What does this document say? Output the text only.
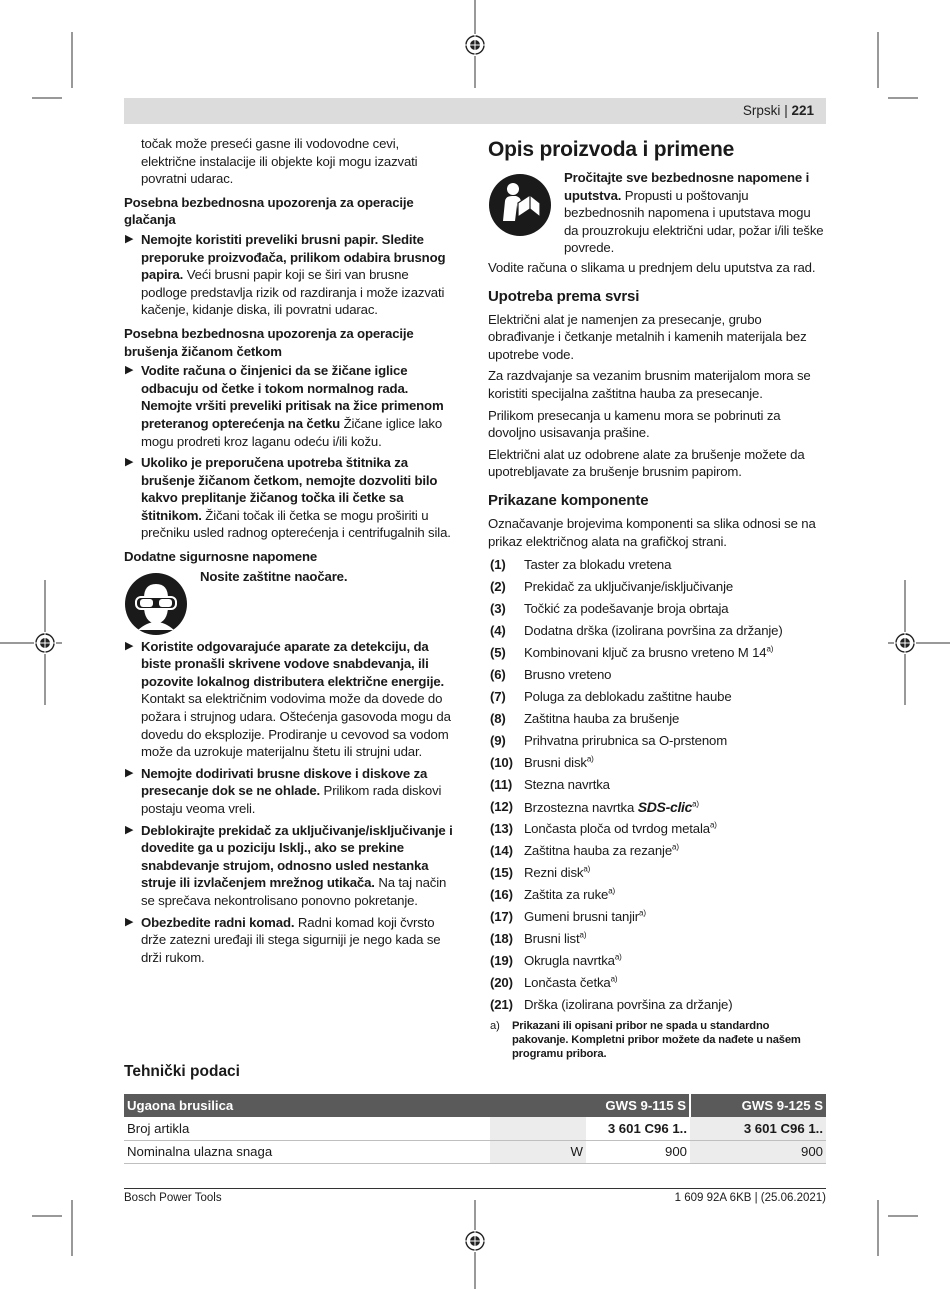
Srpski | 221

točak može preseći gasne ili vodovodne cevi, električne instalacije ili objekte koji mogu izazvati povratni udarac.

Posebna bezbednosna upozorenja za operacije glačanja
▶ Nemojte koristiti preveliki brusni papir. Sledite preporuke proizvođača, prilikom odabira brusnog papira. Veći brusni papir koji se širi van brusne podloge predstavlja rizik od razdiranja i može izazvati kačenje, kidanje diska, ili povratni udarac.
Posebna bezbednosna upozorenja za operacije brušenja žičanom četkom
▶ Vodite računa o činjenici da se žičane iglice odbacuju od četke i tokom normalnog rada. Nemojte vršiti preveliki pritisak na žice primenom preteranog opterećenja na četku Žičane iglice lako mogu prodreti kroz laganu odeću i/ili kožu.
▶ Ukoliko je preporučena upotreba štitnika za brušenje žičanom četkom, nemojte dozvoliti bilo kakvo preplitanje žičanog točka ili četke sa štitnikom. Žičani točak ili četka se mogu proširiti u prečniku usled radnog opterećenja i centrifugalnih sila.
Dodatne sigurnosne napomene
Nosite zaštitne naočare.
▶ Koristite odgovarajuće aparate za detekciju, da biste pronašli skrivene vodove snabdevanja, ili pozovite lokalnog distributera električne energije. Kontakt sa električnim vodovima može da dovede do požara i strujnog udara. Oštećenja gasovoda mogu da dovedu do eksplozije. Prodiranje u cevovod sa vodom može da uzrokuje materijalnu štetu ili strujni udar.
▶ Nemojte dodirivati brusne diskove i diskove za presecanje dok se ne ohlade. Prilikom rada diskovi postaju veoma vreli.
▶ Deblokirajte prekidač za uključivanje/isključivanje i dovedite ga u poziciju Isklj., ako se prekine snabdevanje strujom, odnosno usled nestanka struje ili izvlačenjem mrežnog utikača. Na taj način se sprečava nekontrolisano ponovno pokretanje.
▶ Obezbedite radni komad. Radni komad koji čvrsto drže zatezni uređaji ili stega sigurniji je nego kada se drži rukom.
Opis proizvoda i primene
Pročitajte sve bezbednosne napomene i uputstva. Propusti u poštovanju bezbednosnih napomena i uputstava mogu da prouzrokuju električni udar, požar i/ili teške povrede.

Vodite računa o slikama u prednjem delu uputstva za rad.

Upotreba prema svrsi

Električni alat je namenjen za presecanje, grubo obrađivanje i četkanje metalnih i kamenih materijala bez upotrebe vode.

Za razdvajanje sa vezanim brusnim materijalom mora se koristiti specijalna zaštitna hauba za presecanje.

Prilikom presecanja u kamenu mora se pobrinuti za dovoljno usisavanja prašine.

Električni alat uz odobrene alate za brušenje možete da upotrebljavate za brušenje brusnim papirom.

Prikazane komponente

Označavanje brojevima komponenti sa slika odnosi se na prikaz električnog alata na grafičkoj strani.

(1) Taster za blokadu vretena
(2) Prekidač za uključivanje/isključivanje
(3) Točkić za podešavanje broja obrtaja
(4) Dodatna drška (izolirana površina za držanje)
(5) Kombinovani ključ za brusno vreteno M 14$^{a)}$
(6) Brusno vreteno
(7) Poluga za deblokadu zaštitne haube
(8) Zaštitna hauba za brušenje
(9) Prihvatna prirubnica sa O-prstenom
(10) Brusni disk$^{a)}$
(11) Stezna navrtka
(12) Brzostezna navrtka SDS-clic$^{a)}$
(13) Lončasta ploča od tvrdog metala$^{a)}$
(14) Zaštitna hauba za rezanje$^{a)}$
(15) Rezni disk$^{a)}$
(16) Zaštita za ruke$^{a)}$
(17) Gumeni brusni tanjir$^{a)}$
(18) Brusni list$^{a)}$
(19) Okrugla navrtka$^{a)}$
(20) Lončasta četka$^{a)}$
(21) Drška (izolirana površina za držanje)
a) Prikazani ili opisani pribor ne spada u standardno pakovanje. Kompletni pribor možete da nađete u našem programu pribora.
Tehnički podaci
Ugaona brusilica		GWS 9-115 S	GWS 9-125 S
Broj artikla		3 601 C96 1..	3 601 C96 1..
Nominalna ulazna snaga	W	900	900
Bosch Power Tools	1 609 92A 6KB | (25.06.2021)
